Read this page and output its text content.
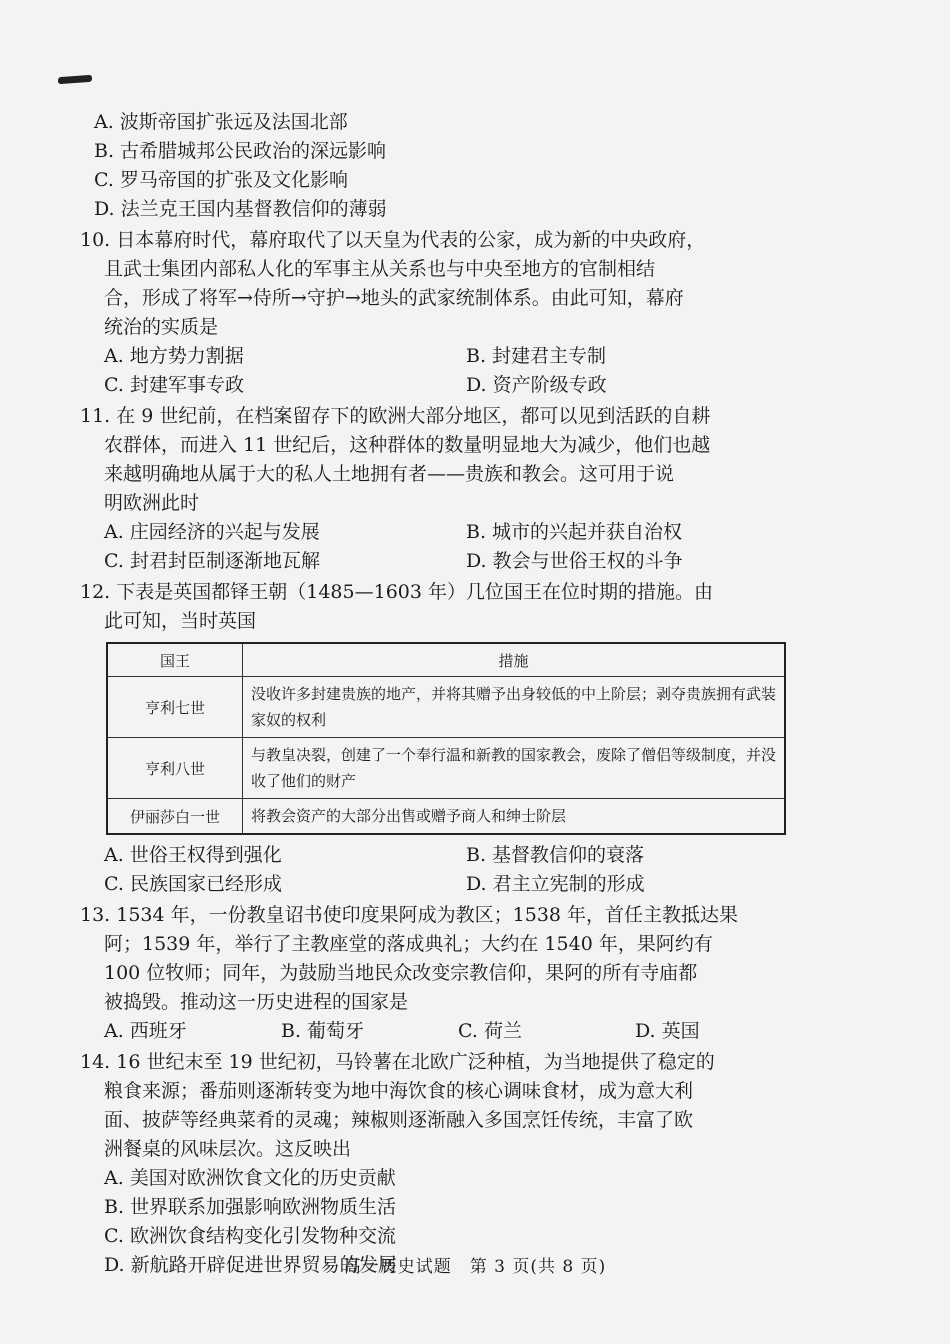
A. 波斯帝国扩张远及法国北部
B. 古希腊城邦公民政治的深远影响
C. 罗马帝国的扩张及文化影响
D. 法兰克王国内基督教信仰的薄弱
10. 日本幕府时代，幕府取代了以天皇为代表的公家，成为新的中央政府，
且武士集团内部私人化的军事主从关系也与中央至地方的官制相结
合，形成了将军→侍所→守护→地头的武家统制体系。由此可知，幕府
统治的实质是
A. 地方势力割据	B. 封建君主专制
C. 封建军事专政	D. 资产阶级专政
11. 在 9 世纪前，在档案留存下的欧洲大部分地区，都可以见到活跃的自耕
农群体，而进入 11 世纪后，这种群体的数量明显地大为减少，他们也越
来越明确地从属于大的私人土地拥有者——贵族和教会。这可用于说
明欧洲此时
A. 庄园经济的兴起与发展	B. 城市的兴起并获自治权
C. 封君封臣制逐渐地瓦解	D. 教会与世俗王权的斗争
12. 下表是英国都铎王朝（1485—1603 年）几位国王在位时期的措施。由
此可知，当时英国
国王	措施
亨利七世	没收许多封建贵族的地产，并将其赠予出身较低的中上阶层；剥夺贵族拥有武装家奴的权利
亨利八世	与教皇决裂，创建了一个奉行温和新教的国家教会，废除了僧侣等级制度，并没收了他们的财产
伊丽莎白一世	将教会资产的大部分出售或赠予商人和绅士阶层
A. 世俗王权得到强化	B. 基督教信仰的衰落
C. 民族国家已经形成	D. 君主立宪制的形成
13. 1534 年，一份教皇诏书使印度果阿成为教区；1538 年，首任主教抵达果
阿；1539 年，举行了主教座堂的落成典礼；大约在 1540 年，果阿约有
100 位牧师；同年，为鼓励当地民众改变宗教信仰，果阿的所有寺庙都
被捣毁。推动这一历史进程的国家是
A. 西班牙	B. 葡萄牙	C. 荷兰	D. 英国
14. 16 世纪末至 19 世纪初，马铃薯在北欧广泛种植，为当地提供了稳定的
粮食来源；番茄则逐渐转变为地中海饮食的核心调味食材，成为意大利
面、披萨等经典菜肴的灵魂；辣椒则逐渐融入多国烹饪传统，丰富了欧
洲餐桌的风味层次。这反映出
A. 美国对欧洲饮食文化的历史贡献
B. 世界联系加强影响欧洲物质生活
C. 欧洲饮食结构变化引发物种交流
D. 新航路开辟促进世界贸易的发展
高一历史试题　第 3 页(共 8 页)
